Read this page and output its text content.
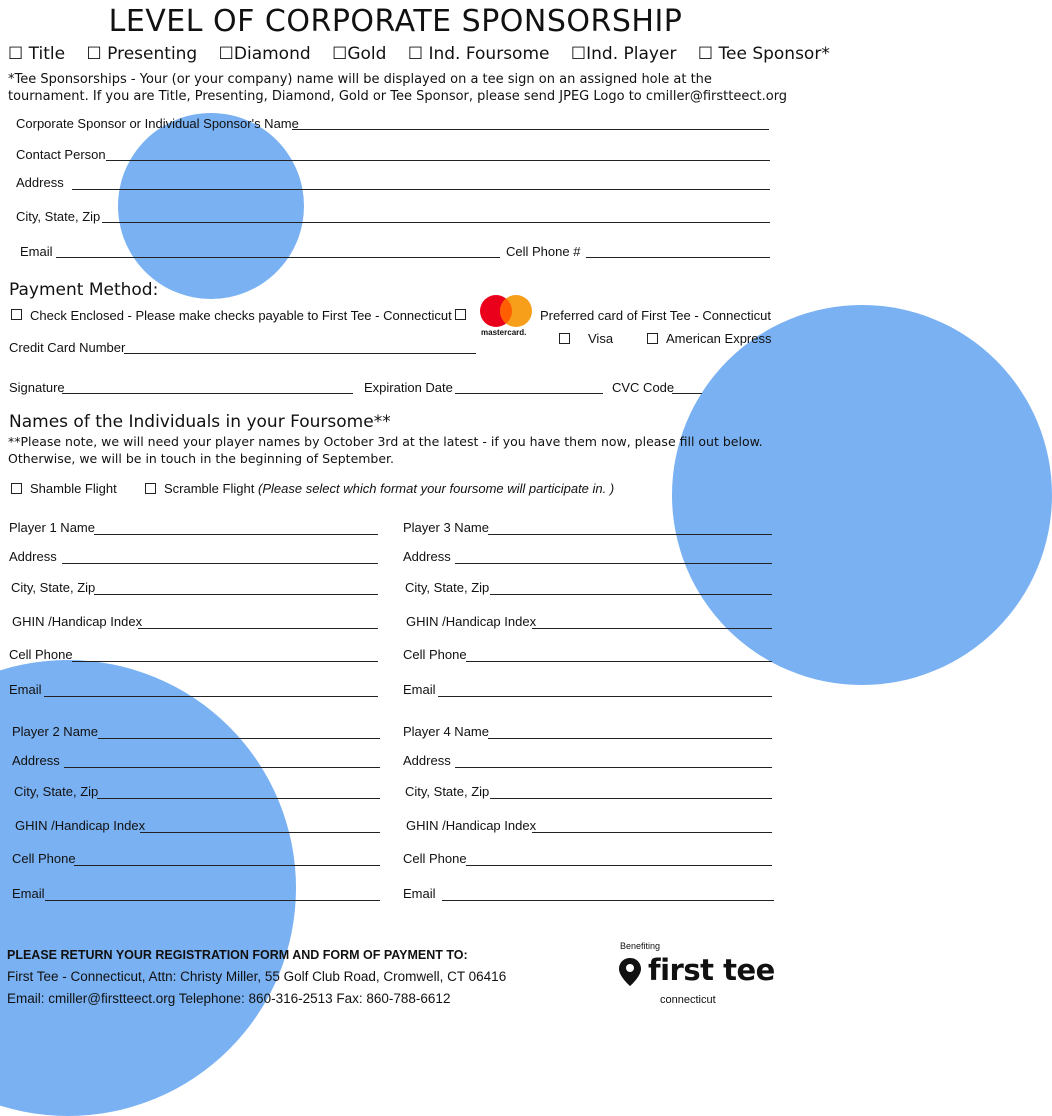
LEVEL OF CORPORATE SPONSORSHIP
☐ Title ☐ Presenting ☐Diamond ☐Gold ☐ Ind. Foursome ☐Ind. Player ☐ Tee Sponsor*
*Tee Sponsorships - Your (or your company) name will be displayed on a tee sign on an assigned hole at the tournament. If you are Title, Presenting, Diamond, Gold or Tee Sponsor, please send JPEG Logo to cmiller@firstteect.org
Corporate Sponsor or Individual Sponsor's Name
Contact Person
Address
City, State, Zip
Email	Cell Phone #
Payment Method:
Check Enclosed - Please make checks payable to First Tee - Connecticut
mastercard.
Preferred card of First Tee - Connecticut
Visa	American Express
Credit Card Number
Signature	Expiration Date	CVC Code
Names of the Individuals in your Foursome**
**Please note, we will need your player names by October 3rd at the latest - if you have them now, please fill out below.
Otherwise, we will be in touch in the beginning of September.
Shamble Flight	Scramble Flight (Please select which format your foursome will participate in. )
Player 1 Name
Address
City, State, Zip
GHIN /Handicap Index
Cell Phone
Email
Player 3 Name
Address
City, State, Zip
GHIN /Handicap Index
Cell Phone
Email
Player 2 Name
Address
City, State, Zip
GHIN /Handicap Index
Cell Phone
Email
Player 4 Name
Address
City, State, Zip
GHIN /Handicap Index
Cell Phone
Email
PLEASE RETURN YOUR REGISTRATION FORM AND FORM OF PAYMENT TO:
First Tee - Connecticut, Attn: Christy Miller, 55 Golf Club Road, Cromwell, CT 06416
Email: cmiller@firstteect.org Telephone: 860-316-2513 Fax: 860-788-6612
Benefiting
first tee
connecticut
